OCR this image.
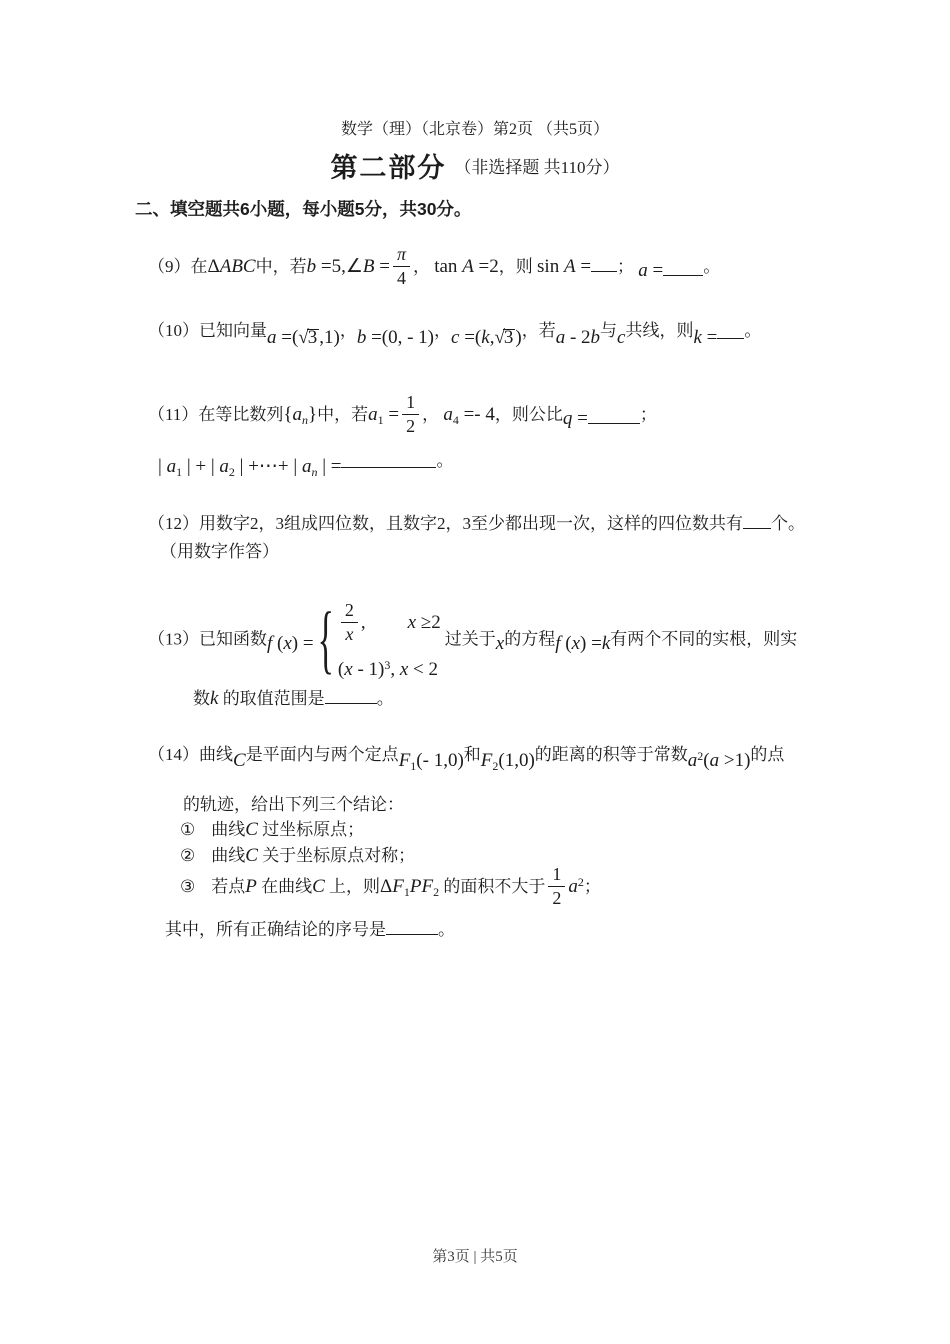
数学（理）（北京卷）第2页 （共5页）
第二部分 （非选择题 共110分）
二、填空题共6小题，每小题5分，共30分。
（9）在ΔABC中，若b =5,∠B = $\frac{\pi}{4}$ ， tan A =2，则 sin A = ； a = 。
（10）已知向量a =(√3 ,1)，b =(0, - 1)，c =(k,√3 )，若a - 2b与c共线，则k = 。
（11）在等比数列$\{a_n\}$中，若$a_1 = \frac{1}{2}$ ， $a_4 =- 4$，则公比q =	；
| $a_1$ | + | $a_2$ | +⋯+ | $a_n$ | =	。
（12）用数字2，3组成四位数，且数字2，3至少都出现一次，这样的四位数共有 个。
（用数字作答）
（13）已知函数f (x) = { $\frac{2}{x}$ , x ≥2
(x - 1)$^3$, x < 2
过关于x的方程f (x) =k有两个不同的实根，则实
数k 的取值范围是	。
（14）曲线C是平面内与两个定点$F_1(-$ 1,0)和$F_2(1,0)$的距离的积等于常数$a^2(a >1)$的点
的轨迹，给出下列三个结论：
① 曲线C 过坐标原点；
② 曲线C 关于坐标原点对称；
③ 若点P 在曲线C 上，则$\Delta F_1PF_2$ 的面积不大于 $\frac{1}{2} a^2$；
其中，所有正确结论的序号是	。
第3页 | 共5页
